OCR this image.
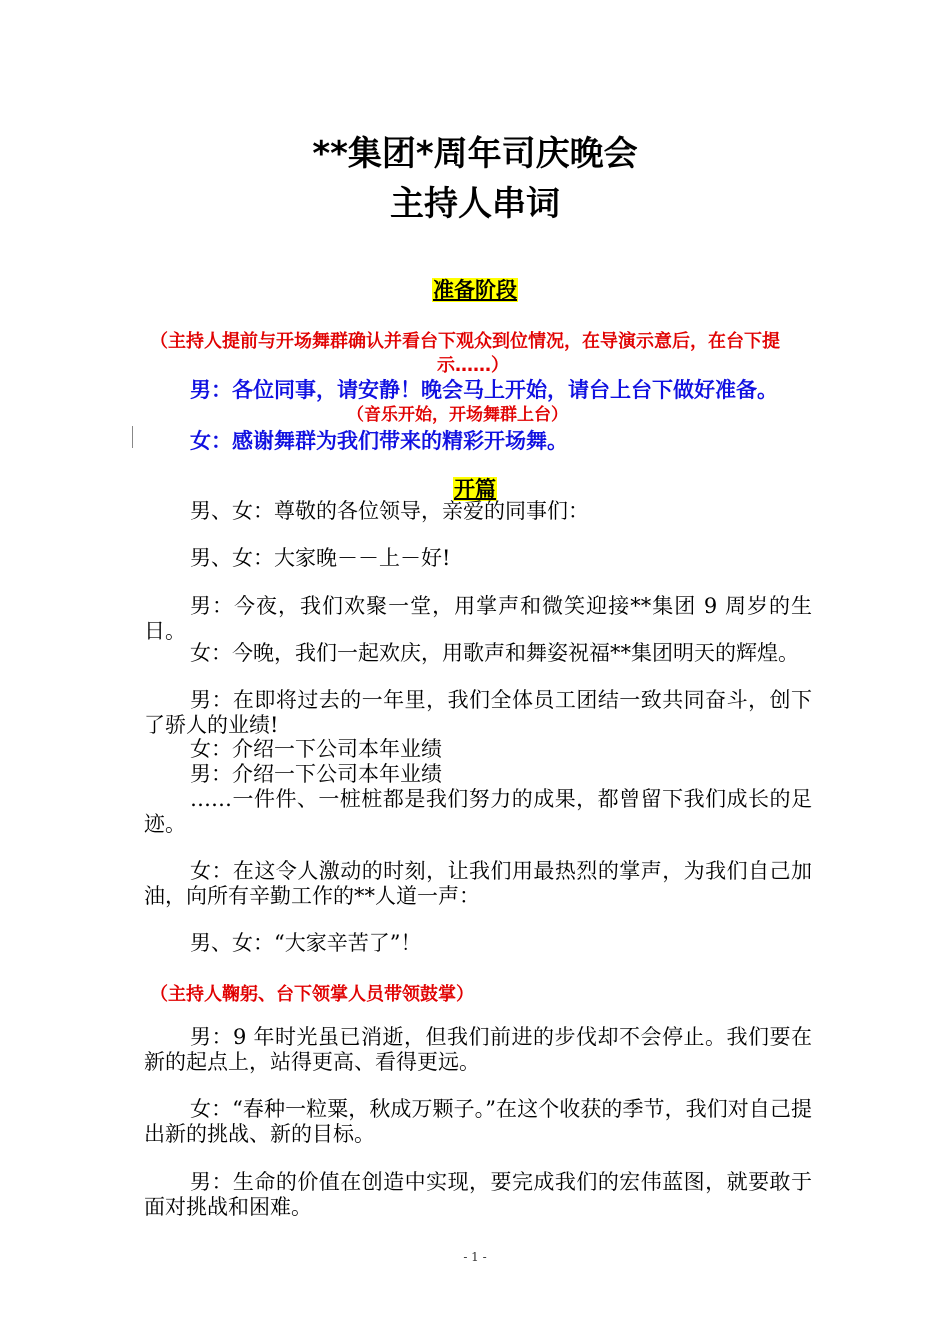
**集团*周年司庆晚会
主持人串词
准备阶段
（主持人提前与开场舞群确认并看台下观众到位情况，在导演示意后，在台下提
示……）
男：各位同事，请安静！晚会马上开始，请台上台下做好准备。
（音乐开始，开场舞群上台）
女：感谢舞群为我们带来的精彩开场舞。
开篇
男、女：尊敬的各位领导，亲爱的同事们：
男、女：大家晚－－上－好!
男：今夜，我们欢聚一堂，用掌声和微笑迎接**集团 9 周岁的生日。
女：今晚，我们一起欢庆，用歌声和舞姿祝福**集团明天的辉煌。
男：在即将过去的一年里，我们全体员工团结一致共同奋斗，创下了骄人的业绩!
女：介绍一下公司本年业绩
男：介绍一下公司本年业绩
……一件件、一桩桩都是我们努力的成果，都曾留下我们成长的足迹。
女：在这令人激动的时刻，让我们用最热烈的掌声，为我们自己加油，向所有辛勤工作的**人道一声：
男、女：“大家辛苦了”！
（主持人鞠躬、台下领掌人员带领鼓掌）
男：9 年时光虽已消逝，但我们前进的步伐却不会停止。我们要在新的起点上，站得更高、看得更远。
女：“春种一粒粟，秋成万颗子。”在这个收获的季节，我们对自己提出新的挑战、新的目标。
男：生命的价值在创造中实现，要完成我们的宏伟蓝图，就要敢于面对挑战和困难。
- 1 -
